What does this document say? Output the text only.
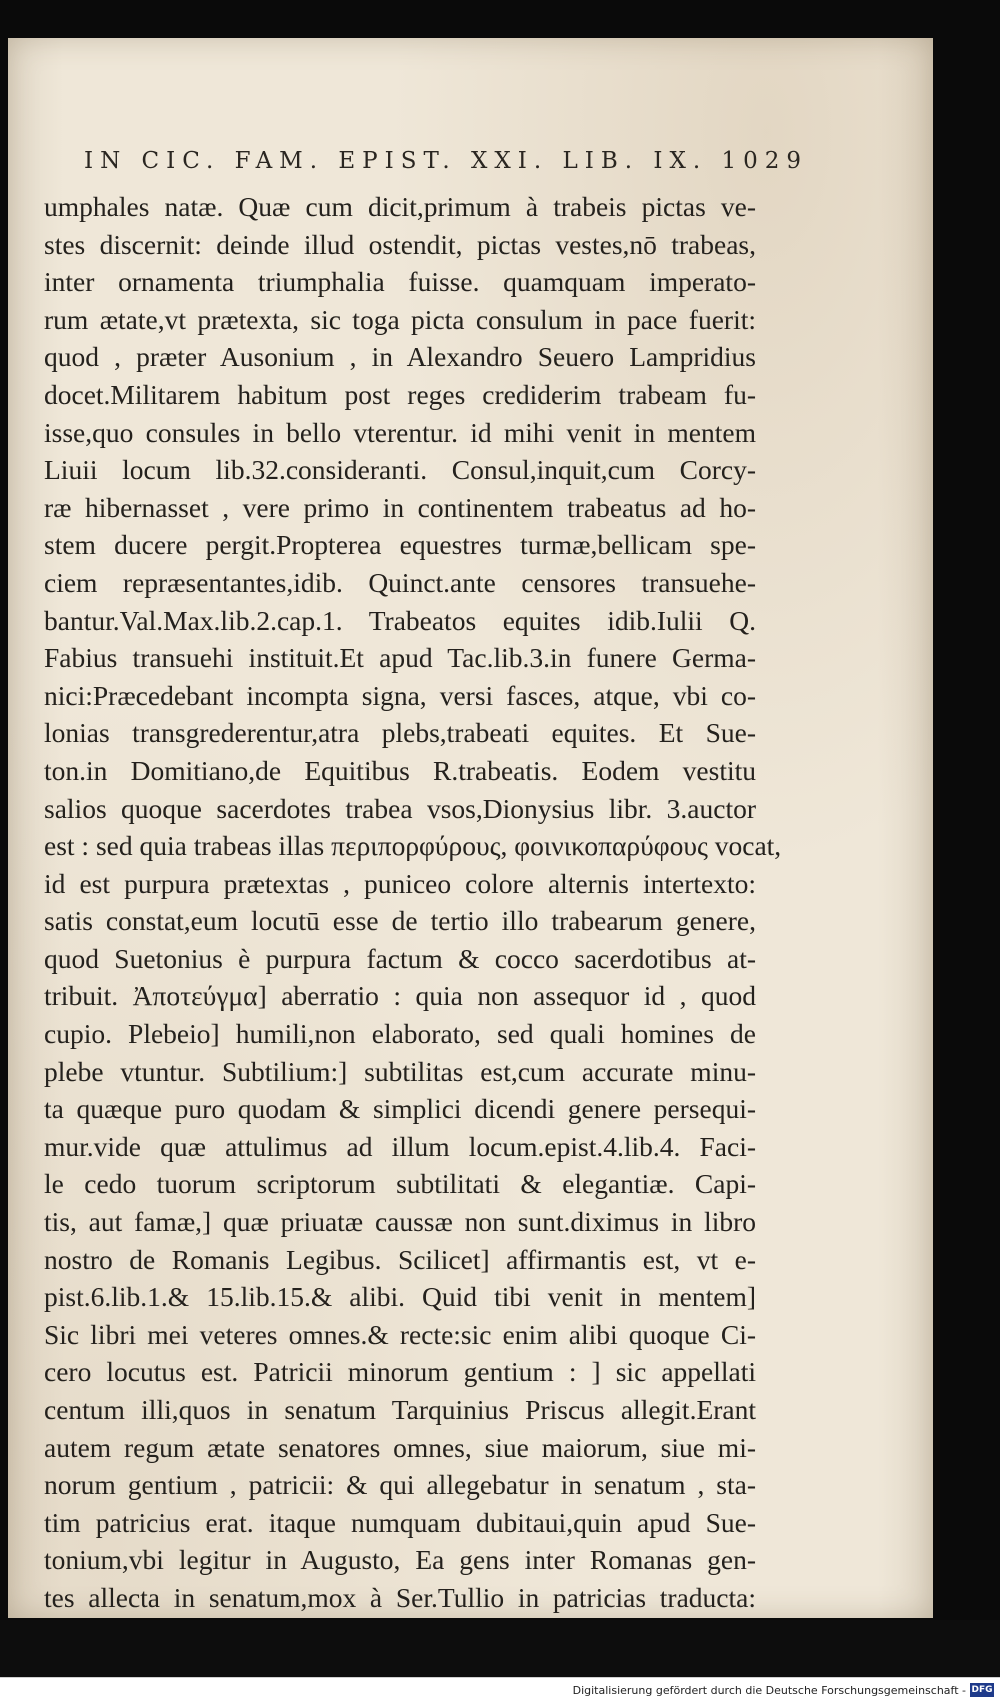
IN CIC. FAM. EPIST. XXI. LIB. IX. 1029
umphales natæ. Quæ cum dicit,primum à trabeis pictas ve-
stes discernit: deinde illud ostendit, pictas vestes,nō trabeas,
inter ornamenta triumphalia fuisse. quamquam imperato-
rum ætate,vt prætexta, sic toga picta consulum in pace fuerit:
quod , præter Ausonium , in Alexandro Seuero Lampridius
docet.Militarem habitum post reges crediderim trabeam fu-
isse,quo consules in bello vterentur. id mihi venit in mentem
Liuii locum lib.32.consideranti. Consul,inquit,cum Corcy-
ræ hibernasset , vere primo in continentem trabeatus ad ho-
stem ducere pergit.Propterea equestres turmæ,bellicam spe-
ciem repræsentantes,idib. Quinct.ante censores transuehe-
bantur.Val.Max.lib.2.cap.1. Trabeatos equites idib.Iulii Q.
Fabius transuehi instituit.Et apud Tac.lib.3.in funere Germa-
nici:Præcedebant incompta signa, versi fasces, atque, vbi co-
lonias transgrederentur,atra plebs,trabeati equites. Et Sue-
ton.in Domitiano,de Equitibus R.trabeatis. Eodem vestitu
salios quoque sacerdotes trabea vsos,Dionysius libr. 3.auctor
est : sed quia trabeas illas περιπορφύρους, φοινικοπαρύφους vocat,
id est purpura prætextas , puniceo colore alternis intertexto:
satis constat,eum locutū esse de tertio illo trabearum genere,
quod Suetonius è purpura factum & cocco sacerdotibus at-
tribuit. Ἀποτεύγμα] aberratio : quia non assequor id , quod
cupio. Plebeio] humili,non elaborato, sed quali homines de
plebe vtuntur. Subtilium:] subtilitas est,cum accurate minu-
ta quæque puro quodam & simplici dicendi genere persequi-
mur.vide quæ attulimus ad illum locum.epist.4.lib.4. Faci-
le cedo tuorum scriptorum subtilitati & elegantiæ. Capi-
tis, aut famæ,] quæ priuatæ caussæ non sunt.diximus in libro
nostro de Romanis Legibus. Scilicet] affirmantis est, vt e-
pist.6.lib.1.& 15.lib.15.& alibi. Quid tibi venit in mentem]
Sic libri mei veteres omnes.& recte:sic enim alibi quoque Ci-
cero locutus est. Patricii minorum gentium : ] sic appellati
centum illi,quos in senatum Tarquinius Priscus allegit.Erant
autem regum ætate senatores omnes, siue maiorum, siue mi-
norum gentium , patricii: & qui allegebatur in senatum , sta-
tim patricius erat. itaque numquam dubitaui,quin apud Sue-
tonium,vbi legitur in Augusto, Ea gens inter Romanas gen-
tes allecta in senatum,mox à Ser.Tullio in patricias traducta:
Digitalisierung gefördert durch die Deutsche Forschungsgemeinschaft - DFG
